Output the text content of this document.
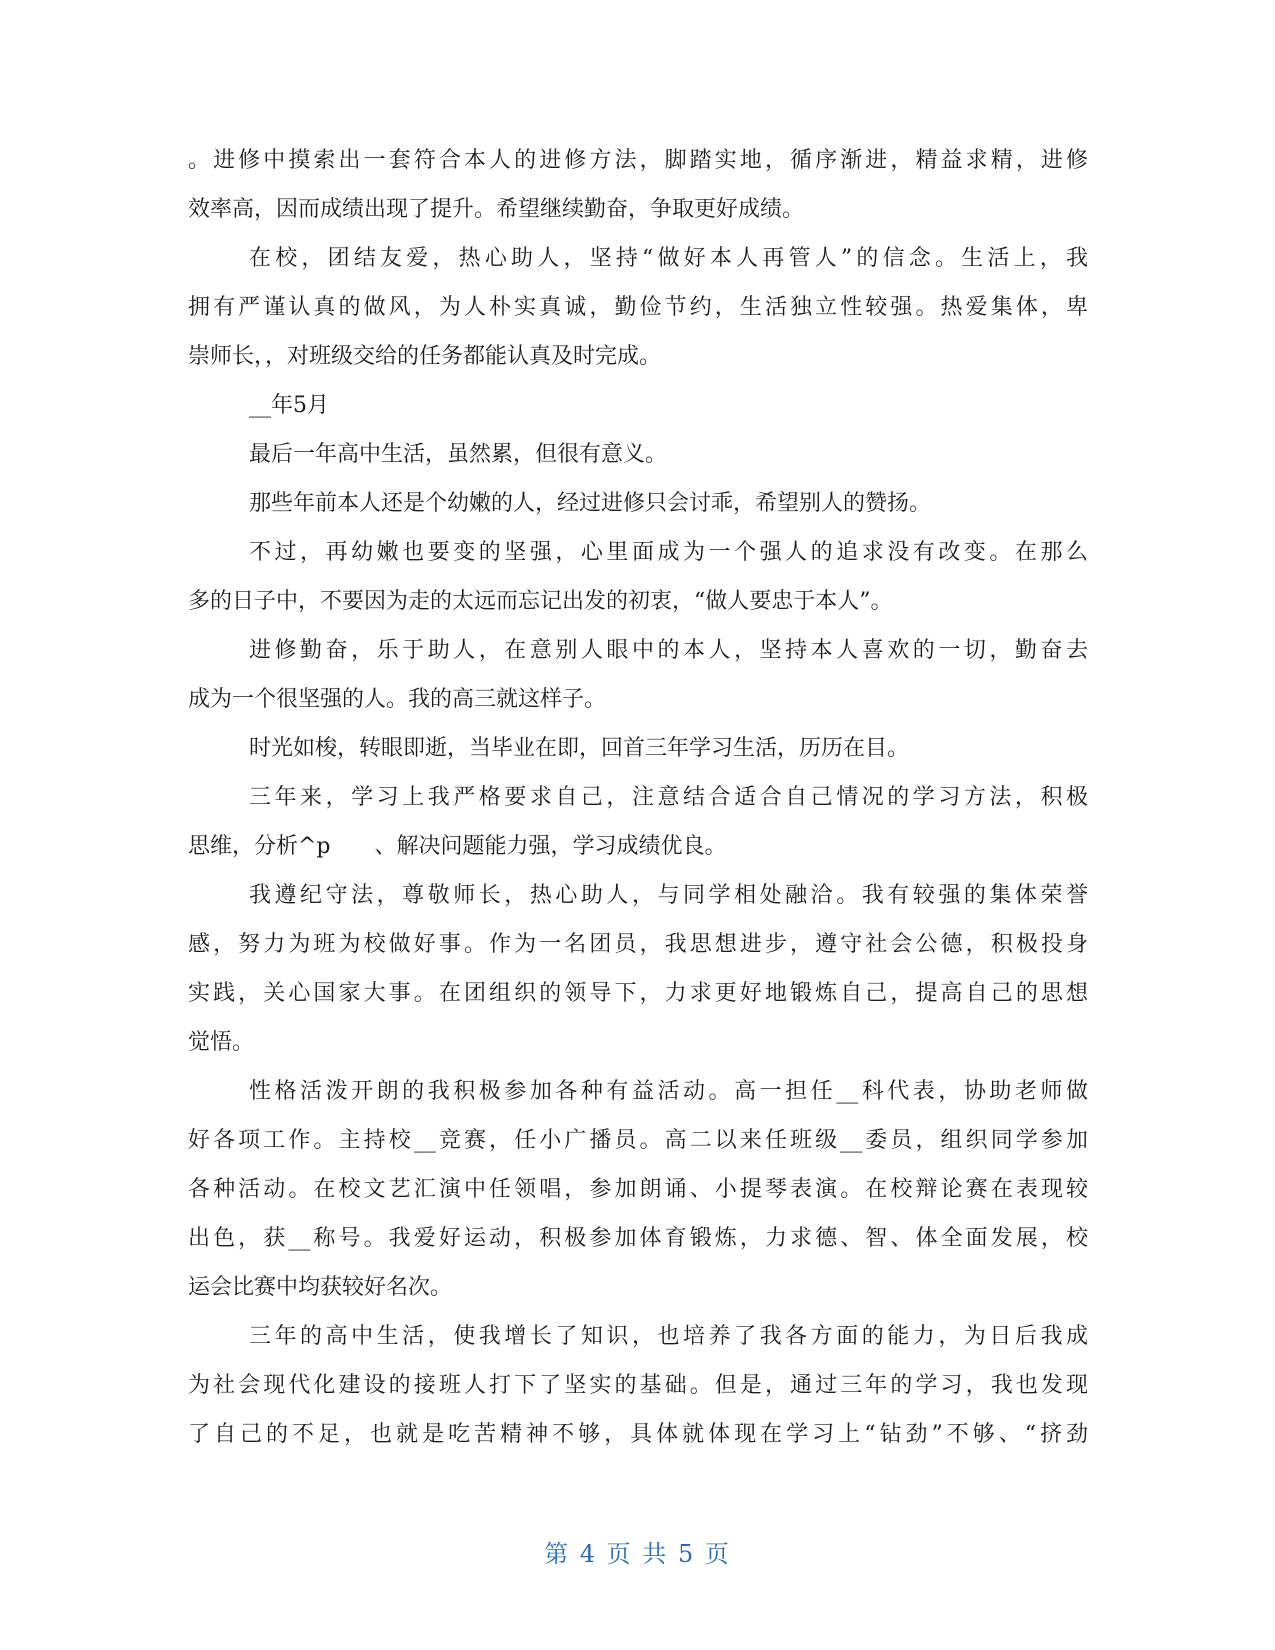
。进修中摸索出一套符合本人的进修方法，脚踏实地，循序渐进，精益求精，进修

效率高，因而成绩出现了提升。希望继续勤奋，争取更好成绩。

在校，团结友爱，热心助人，坚持“做好本人再管人”的信念。生活上，我

拥有严谨认真的做风，为人朴实真诚，勤俭节约，生活独立性较强。热爱集体，卑

崇师长，，对班级交给的任务都能认真及时完成。

__年5月

最后一年高中生活，虽然累，但很有意义。

那些年前本人还是个幼嫩的人，经过进修只会讨乖，希望别人的赞扬。

不过，再幼嫩也要变的坚强，心里面成为一个强人的追求没有改变。在那么

多的日子中，不要因为走的太远而忘记出发的初衷，“做人要忠于本人”。

进修勤奋，乐于助人，在意别人眼中的本人，坚持本人喜欢的一切，勤奋去

成为一个很坚强的人。我的高三就这样子。

时光如梭，转眼即逝，当毕业在即，回首三年学习生活，历历在目。

三年来，学习上我严格要求自己，注意结合适合自己情况的学习方法，积极

思维，分析^p　　、解决问题能力强，学习成绩优良。

我遵纪守法，尊敬师长，热心助人，与同学相处融洽。我有较强的集体荣誉

感，努力为班为校做好事。作为一名团员，我思想进步，遵守社会公德，积极投身

实践，关心国家大事。在团组织的领导下，力求更好地锻炼自己，提高自己的思想

觉悟。

性格活泼开朗的我积极参加各种有益活动。高一担任__科代表，协助老师做

好各项工作。主持校__竞赛，任小广播员。高二以来任班级__委员，组织同学参加

各种活动。在校文艺汇演中任领唱，参加朗诵、小提琴表演。在校辩论赛在表现较

出色，获__称号。我爱好运动，积极参加体育锻炼，力求德、智、体全面发展，校

运会比赛中均获较好名次。

三年的高中生活，使我增长了知识，也培养了我各方面的能力，为日后我成

为社会现代化建设的接班人打下了坚实的基础。但是，通过三年的学习，我也发现

了自己的不足，也就是吃苦精神不够，具体就体现在学习上“钻劲”不够、“挤劲

第 4 页 共 5 页
